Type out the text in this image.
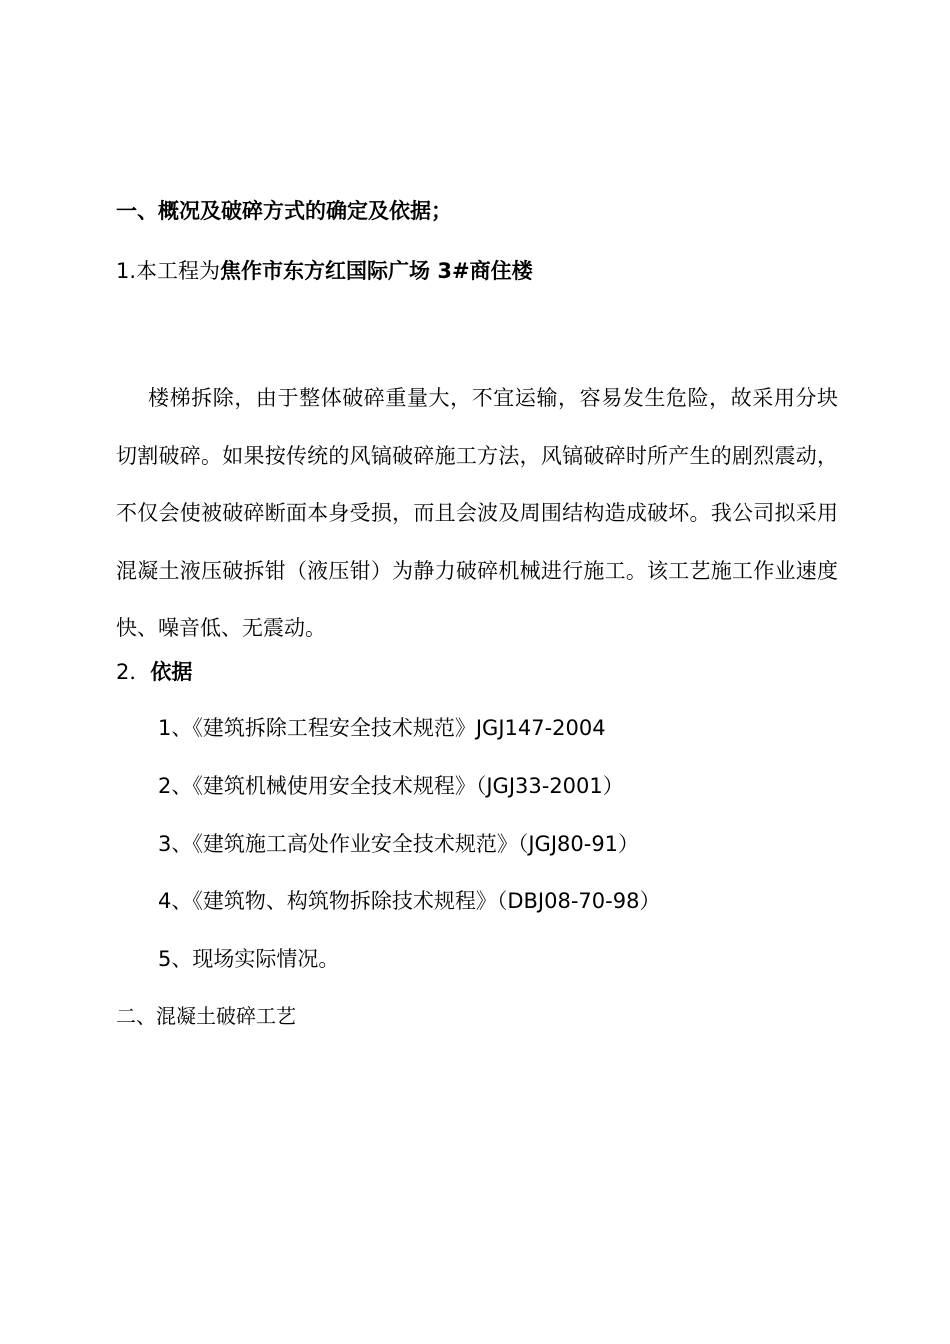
一、概况及破碎方式的确定及依据；
1.本工程为焦作市东方红国际广场 3#商住楼
楼梯拆除，由于整体破碎重量大，不宜运输，容易发生危险，故采用分块切割破碎。如果按传统的风镐破碎施工方法，风镐破碎时所产生的剧烈震动，不仅会使被破碎断面本身受损，而且会波及周围结构造成破坏。我公司拟采用混凝土液压破拆钳（液压钳）为静力破碎机械进行施工。该工艺施工作业速度快、噪音低、无震动。
2．依据
1、《建筑拆除工程安全技术规范》JGJ147-2004
2、《建筑机械使用安全技术规程》（JGJ33-2001）
3、《建筑施工高处作业安全技术规范》（JGJ80-91）
4、《建筑物、构筑物拆除技术规程》（DBJ08-70-98）
5、现场实际情况。
二、混凝土破碎工艺
